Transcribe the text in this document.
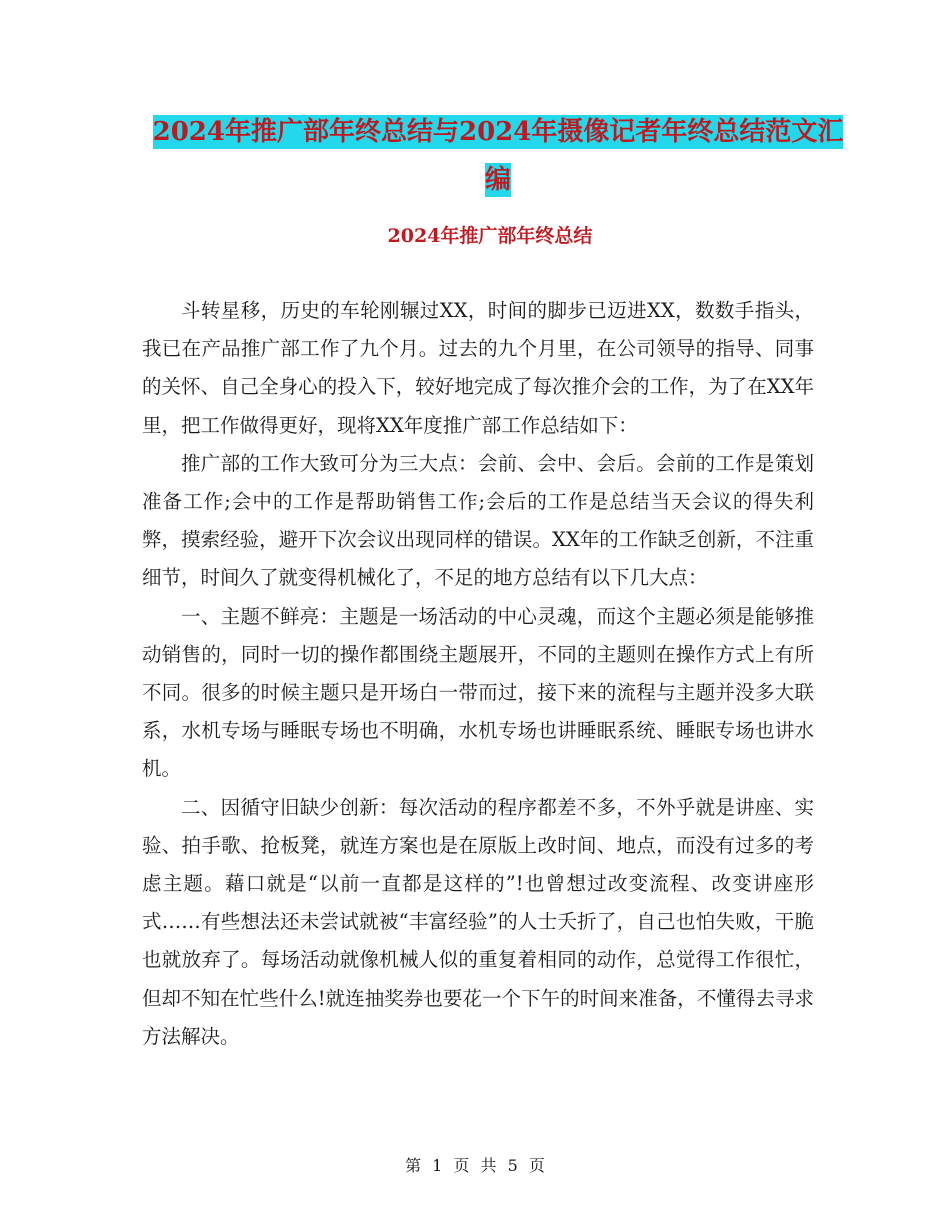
2024年推广部年终总结与2024年摄像记者年终总结范文汇编
2024年推广部年终总结

斗转星移，历史的车轮刚辗过XX，时间的脚步已迈进XX，数数手指头，我已在产品推广部工作了九个月。过去的九个月里，在公司领导的指导、同事的关怀、自己全身心的投入下，较好地完成了每次推介会的工作，为了在XX年里，把工作做得更好，现将XX年度推广部工作总结如下：

推广部的工作大致可分为三大点：会前、会中、会后。会前的工作是策划准备工作;会中的工作是帮助销售工作;会后的工作是总结当天会议的得失利弊，摸索经验，避开下次会议出现同样的错误。XX年的工作缺乏创新，不注重细节，时间久了就变得机械化了，不足的地方总结有以下几大点：

一、主题不鲜亮：主题是一场活动的中心灵魂，而这个主题必须是能够推动销售的，同时一切的操作都围绕主题展开，不同的主题则在操作方式上有所不同。很多的时候主题只是开场白一带而过，接下来的流程与主题并没多大联系，水机专场与睡眠专场也不明确，水机专场也讲睡眠系统、睡眠专场也讲水机。

二、因循守旧缺少创新：每次活动的程序都差不多，不外乎就是讲座、实验、拍手歌、抢板凳，就连方案也是在原版上改时间、地点，而没有过多的考虑主题。藉口就是“以前一直都是这样的”!也曾想过改变流程、改变讲座形式……有些想法还未尝试就被“丰富经验”的人士夭折了，自己也怕失败，干脆也就放弃了。每场活动就像机械人似的重复着相同的动作，总觉得工作很忙，但却不知在忙些什么!就连抽奖券也要花一个下午的时间来准备，不懂得去寻求方法解决。

第 1 页 共 5 页
